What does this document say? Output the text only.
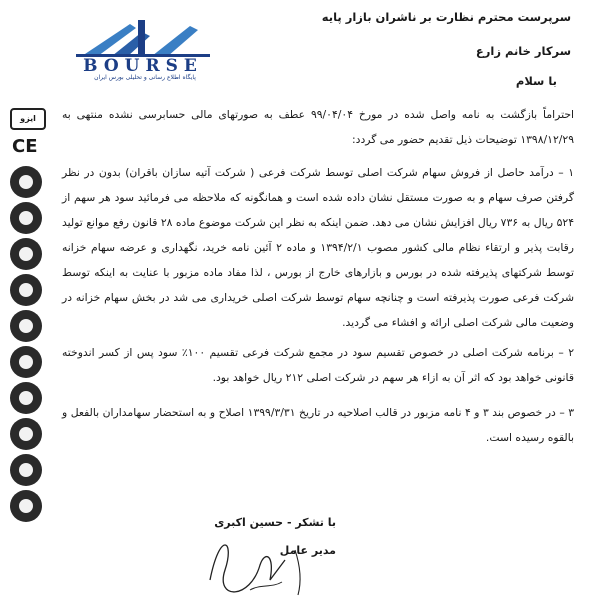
BOURSE
پایگاه اطلاع رسانی و تحلیلی بورس ایران
ایزو
CE
سرپرست محترم نظارت بر ناشران بازار پایه
سرکار خانم زارع
با سلام
احتراماً بازگشت به نامه واصل شده در مورخ ۹۹/۰۴/۰۴ عطف به صورتهای مالی حسابرسی نشده منتهی به ۱۳۹۸/۱۲/۲۹ توضیحات ذیل تقدیم حضور می گردد:
۱ – درآمد حاصل از فروش سهام شرکت اصلی توسط شرکت فرعی ( شرکت آتیه سازان باقران) بدون در نظر گرفتن صرف سهام و به صورت مستقل نشان داده شده است و همانگونه که ملاحظه می فرمائید سود هر سهم از ۵۲۴ ریال به ۷۳۶ ریال افزایش نشان می دهد. ضمن اینکه به نظر این شرکت موضوع ماده ۲۸ قانون رفع موانع تولید رقابت پذیر و ارتقاء نظام مالی کشور مصوب ۱۳۹۴/۲/۱ و ماده ۲ آئین نامه خرید، نگهداری و عرضه سهام خزانه توسط شرکتهای پذیرفته شده در بورس و بازارهای خارج از بورس ، لذا مفاد ماده مزبور با عنایت به اینکه توسط شرکت فرعی صورت پذیرفته است و چنانچه سهام توسط شرکت اصلی خریداری می شد در بخش سهام خزانه در وضعیت مالی شرکت اصلی ارائه و افشاء می گردید.
۲ – برنامه شرکت اصلی در خصوص تقسیم سود در مجمع شرکت فرعی تقسیم ۱۰۰٪ سود پس از کسر اندوخته قانونی خواهد بود که اثر آن به ازاء هر سهم در شرکت اصلی ۲۱۲ ریال خواهد بود.
۳ – در خصوص بند ۳ و ۴ نامه مزبور در قالب اصلاحیه در تاریخ ۱۳۹۹/۳/۳۱ اصلاح و به استحضار سهامداران بالفعل و بالقوه رسیده است.
با تشکر - حسین اکبری
مدیر عامل
